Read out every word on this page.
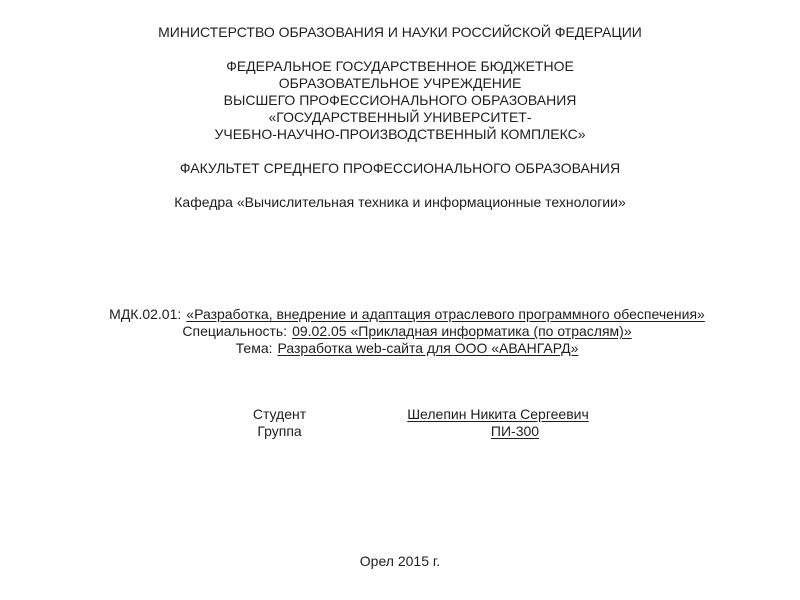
МИНИСТЕРСТВО ОБРАЗОВАНИЯ И НАУКИ РОССИЙСКОЙ ФЕДЕРАЦИИ
ФЕДЕРАЛЬНОЕ ГОСУДАРСТВЕННОЕ БЮДЖЕТНОЕ
ОБРАЗОВАТЕЛЬНОЕ УЧРЕЖДЕНИЕ
ВЫСШЕГО ПРОФЕССИОНАЛЬНОГО ОБРАЗОВАНИЯ
«ГОСУДАРСТВЕННЫЙ УНИВЕРСИТЕТ-
УЧЕБНО-НАУЧНО-ПРОИЗВОДСТВЕННЫЙ КОМПЛЕКС»
ФАКУЛЬТЕТ СРЕДНЕГО ПРОФЕССИОНАЛЬНОГО ОБРАЗОВАНИЯ
Кафедра «Вычислительная техника и информационные технологии»
МДК.02.01: «Разработка, внедрение и адаптация отраслевого программного обеспечения»
Специальность: 09.02.05 «Прикладная информатика (по отраслям)»
Тема: Разработка web-сайта для ООО «АВАНГАРД»
Студент	Шелепин Никита Сергеевич
Группа	ПИ-300
Орел 2015 г.
